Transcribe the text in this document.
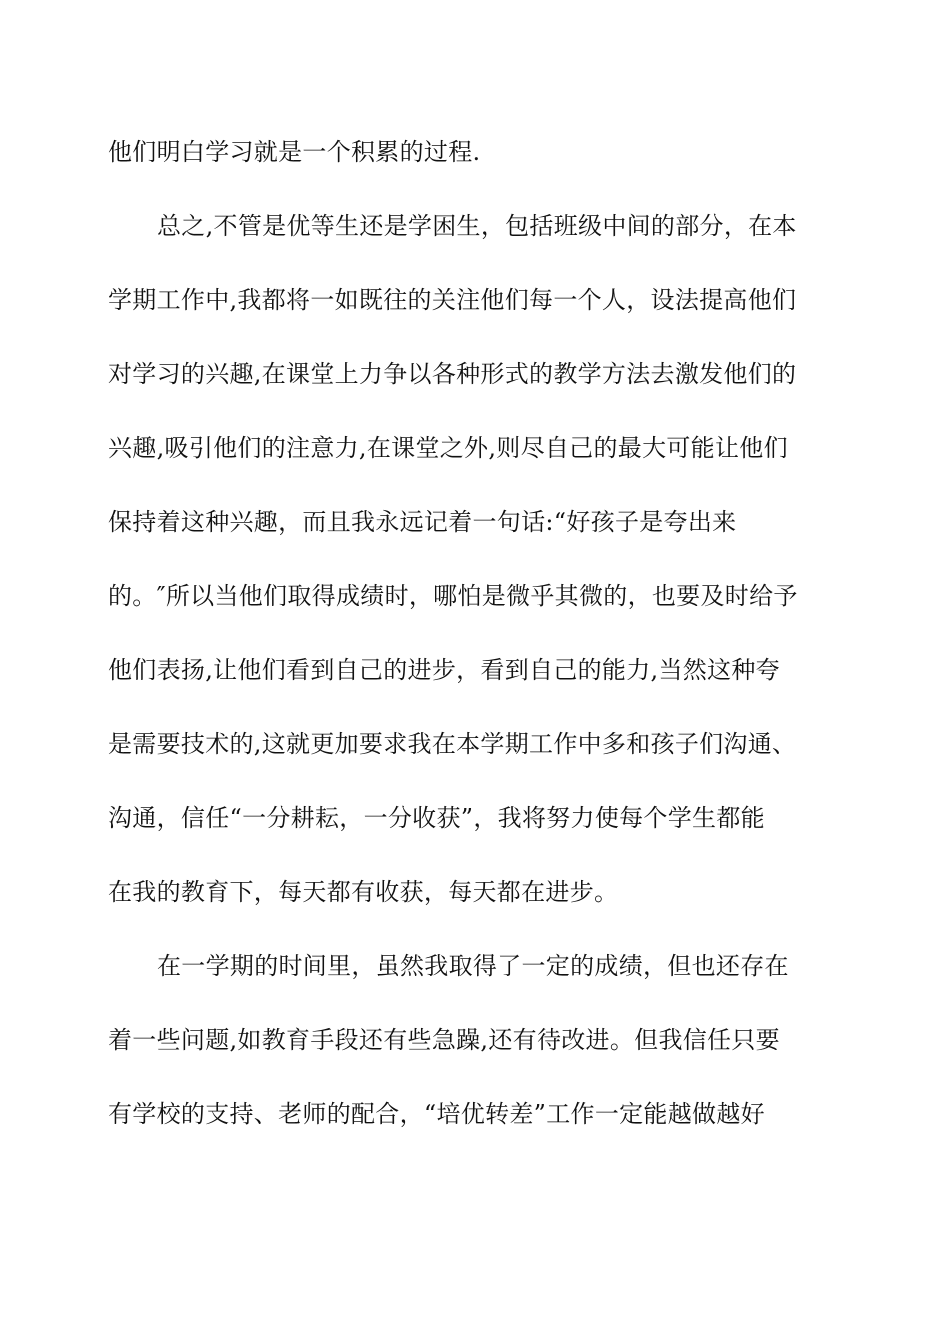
他们明白学习就是一个积累的过程.
总之,不管是优等生还是学困生，包括班级中间的部分，在本
学期工作中,我都将一如既往的关注他们每一个人，设法提高他们
对学习的兴趣,在课堂上力争以各种形式的教学方法去激发他们的
兴趣,吸引他们的注意力,在课堂之外,则尽自己的最大可能让他们
保持着这种兴趣，而且我永远记着一句话:“好孩子是夸出来
的。″所以当他们取得成绩时，哪怕是微乎其微的，也要及时给予
他们表扬,让他们看到自己的进步，看到自己的能力,当然这种夸
是需要技术的,这就更加要求我在本学期工作中多和孩子们沟通、
沟通，信任“一分耕耘，一分收获”，我将努力使每个学生都能
在我的教育下，每天都有收获，每天都在进步。
在一学期的时间里，虽然我取得了一定的成绩，但也还存在
着一些问题,如教育手段还有些急躁,还有待改进。但我信任只要
有学校的支持、老师的配合，“培优转差”工作一定能越做越好
